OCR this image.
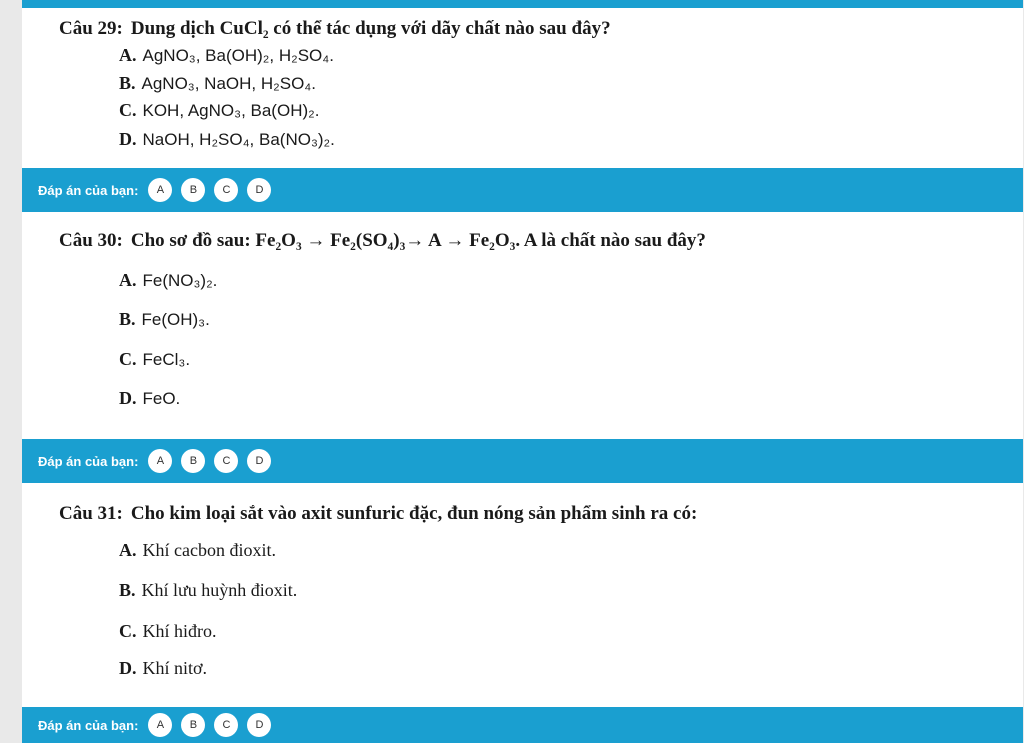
Câu 29: Dung dịch CuCl₂ có thể tác dụng với dãy chất nào sau đây?
A. AgNO₃, Ba(OH)₂, H₂SO₄.
B. AgNO₃, NaOH, H₂SO₄.
C. KOH, AgNO₃, Ba(OH)₂.
D. NaOH, H₂SO₄, Ba(NO₃)₂.
Đáp án của bạn:	A	B	C	D
Câu 30: Cho sơ đồ sau: Fe₂O₃ → Fe₂(SO₄)₃→ A → Fe₂O₃. A là chất nào sau đây?
A. Fe(NO₃)₂.
B. Fe(OH)₃.
C. FeCl₃.
D. FeO.
Đáp án của bạn:	A	B	C	D
Câu 31: Cho kim loại sắt vào axit sunfuric đặc, đun nóng sản phẩm sinh ra có:
A. Khí cacbon đioxit.
B. Khí lưu huỳnh đioxit.
C. Khí hiđro.
D. Khí nitơ.
Đáp án của bạn:	A	B	C	D
